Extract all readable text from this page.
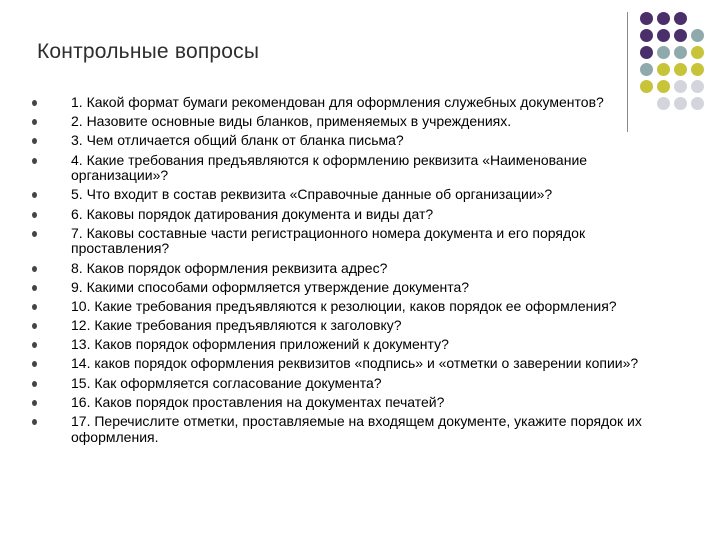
Контрольные вопросы
1. Какой формат бумаги рекомендован для оформления служебных документов?
2. Назовите основные виды бланков, применяемых в учреждениях.
3. Чем отличается общий бланк от бланка письма?
4. Какие требования предъявляются к оформлению реквизита «Наименование организации»?
5. Что входит в состав реквизита «Справочные данные об организации»?
6. Каковы порядок датирования документа и виды дат?
7. Каковы составные части регистрационного номера документа и его порядок проставления?
8. Каков порядок оформления реквизита адрес?
9. Какими способами оформляется утверждение документа?
10. Какие требования предъявляются к резолюции, каков порядок ее оформления?
12. Какие требования предъявляются к заголовку?
13. Каков порядок оформления приложений к документу?
14. каков порядок оформления реквизитов «подпись» и «отметки о заверении копии»?
15. Как оформляется согласование документа?
16. Каков порядок проставления на документах печатей?
17. Перечислите отметки, проставляемые на входящем документе, укажите порядок их оформления.
